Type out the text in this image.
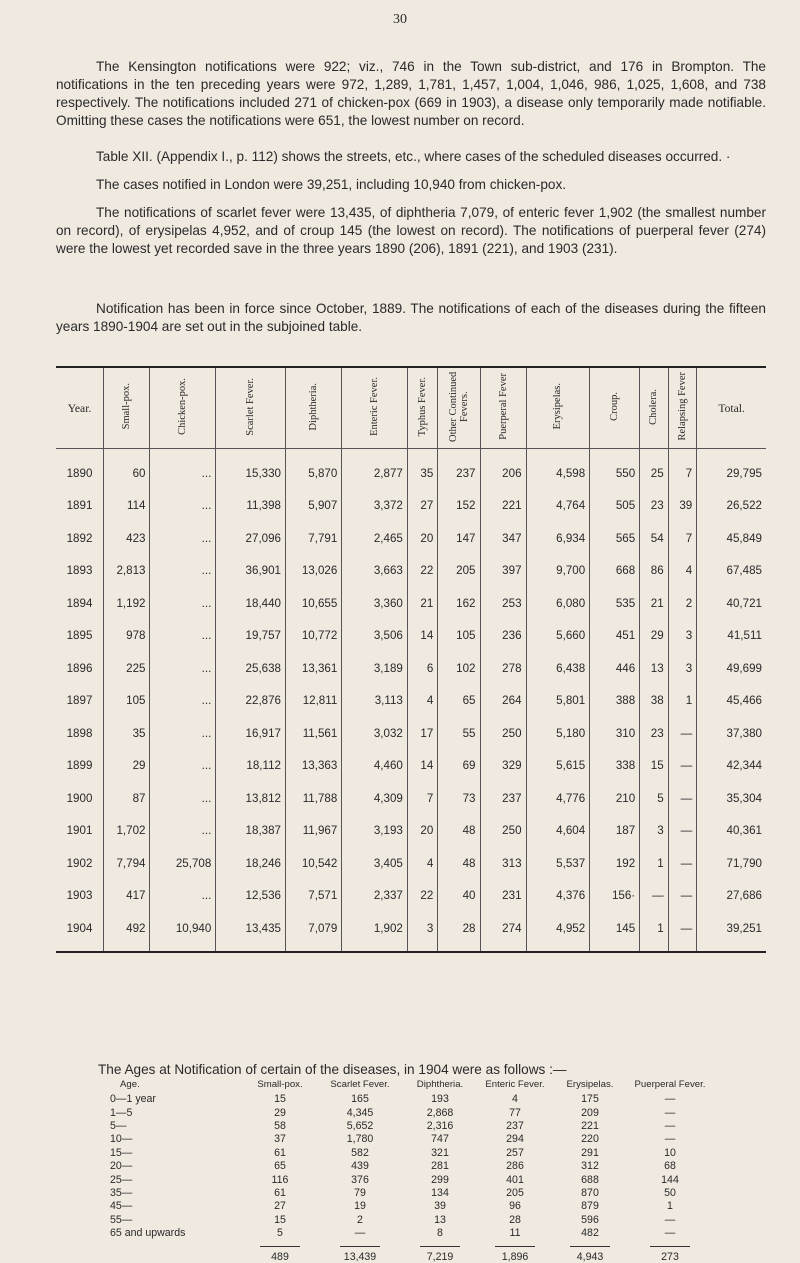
30

The Kensington notifications were 922; viz., 746 in the Town sub-district, and 176 in Brompton. The notifications in the ten preceding years were 972, 1,289, 1,781, 1,457, 1,004, 1,046, 986, 1,025, 1,608, and 738 respectively. The notifications included 271 of chicken-pox (669 in 1903), a disease only temporarily made notifiable. Omitting these cases the notifications were 651, the lowest number on record.

Table XII. (Appendix I., p. 112) shows the streets, etc., where cases of the scheduled diseases occurred. ·

The cases notified in London were 39,251, including 10,940 from chicken-pox.

The notifications of scarlet fever were 13,435, of diphtheria 7,079, of enteric fever 1,902 (the smallest number on record), of erysipelas 4,952, and of croup 145 (the lowest on record). The notifications of puerperal fever (274) were the lowest yet recorded save in the three years 1890 (206), 1891 (221), and 1903 (231).

Notification has been in force since October, 1889. The notifications of each of the diseases during the fifteen years 1890-1904 are set out in the subjoined table.

Year.	Small-pox.	Chicken-pox.	Scarlet Fever.	Diphtheria.	Enteric Fever.	Typhus Fever.	Other Continued Fevers.	Puerperal Fever	Erysipelas.	Croup.	Cholera.	Relapsing Fever	Total.
1890	60	...	15,330	5,870	2,877	35	237	206	4,598	550	25	7	29,795
1891	114	...	11,398	5,907	3,372	27	152	221	4,764	505	23	39	26,522
1892	423	...	27,096	7,791	2,465	20	147	347	6,934	565	54	7	45,849
1893	2,813	...	36,901	13,026	3,663	22	205	397	9,700	668	86	4	67,485
1894	1,192	...	18,440	10,655	3,360	21	162	253	6,080	535	21	2	40,721
1895	978	...	19,757	10,772	3,506	14	105	236	5,660	451	29	3	41,511
1896	225	...	25,638	13,361	3,189	6	102	278	6,438	446	13	3	49,699
1897	105	...	22,876	12,811	3,113	4	65	264	5,801	388	38	1	45,466
1898	35	...	16,917	11,561	3,032	17	55	250	5,180	310	23	—	37,380
1899	29	...	18,112	13,363	4,460	14	69	329	5,615	338	15	—	42,344
1900	87	...	13,812	11,788	4,309	7	73	237	4,776	210	5	—	35,304
1901	1,702	...	18,387	11,967	3,193	20	48	250	4,604	187	3	—	40,361
1902	7,794	25,708	18,246	10,542	3,405	4	48	313	5,537	192	1	—	71,790
1903	417	...	12,536	7,571	2,337	22	40	231	4,376	156·	—	—	27,686
1904	492	10,940	13,435	7,079	1,902	3	28	274	4,952	145	1	—	39,251
The Ages at Notification of certain of the diseases, in 1904 were as follows :—
Age.	Small-pox.	Scarlet Fever.	Diphtheria.	Enteric Fever.	Erysipelas.	Puerperal Fever.
0—1 year	15	165	193	4	175	—
1—5	29	4,345	2,868	77	209	—
5—	58	5,652	2,316	237	221	—
10—	37	1,780	747	294	220	—
15—	61	582	321	257	291	10
20—	65	439	281	286	312	68
25—	116	376	299	401	688	144
35—	61	79	134	205	870	50
45—	27	19	39	96	879	1
55—	15	2	13	28	596	—
65 and upwards	5	—	8	11	482	—
	489	13,439	7,219	1,896	4,943	273
